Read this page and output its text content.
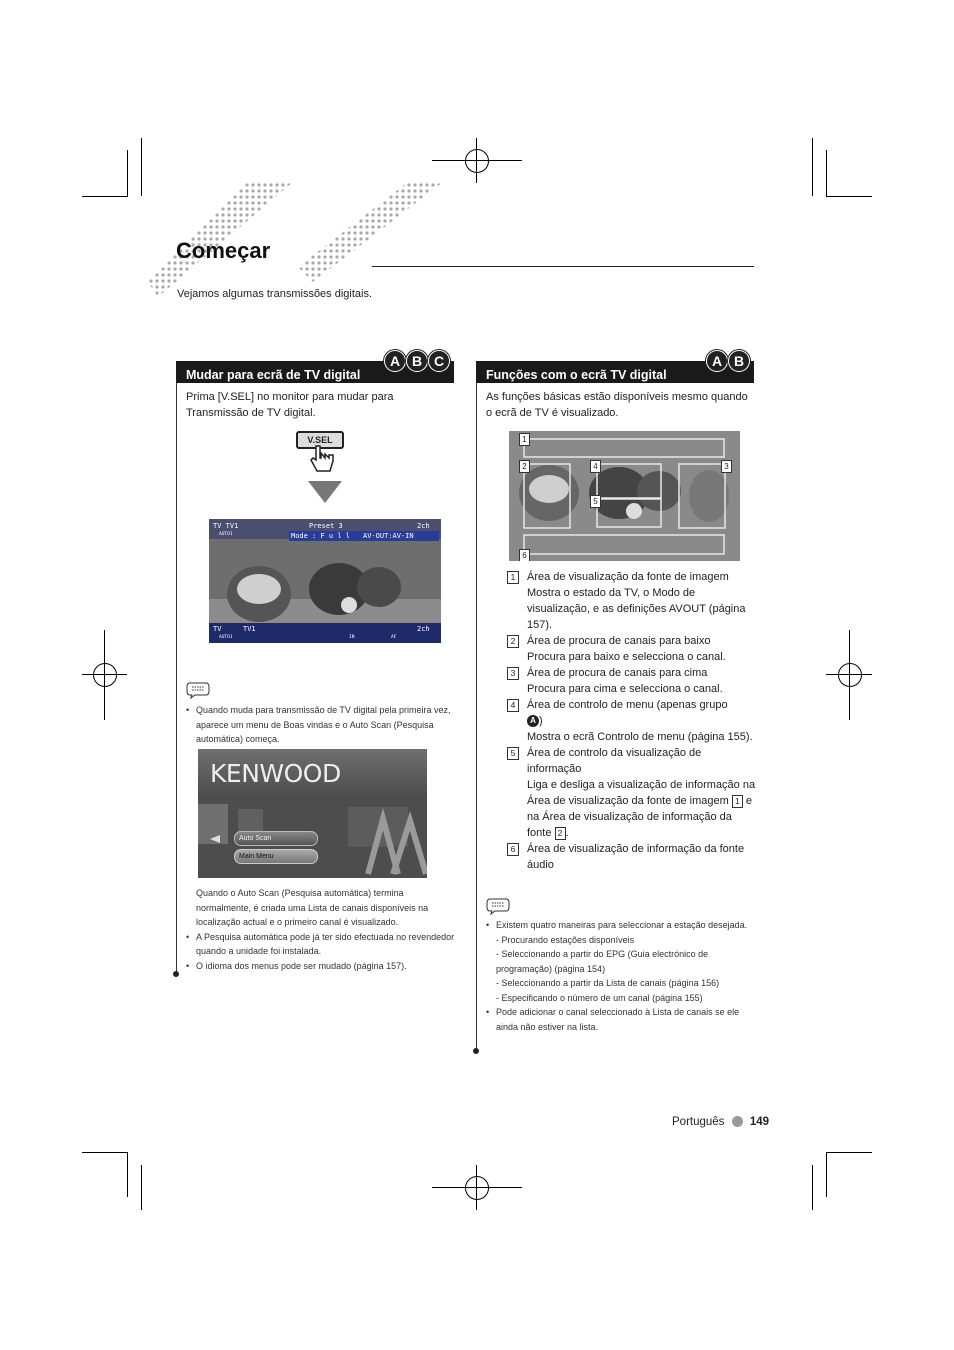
Começar
Vejamos algumas transmissões digitais.
Mudar para ecrã de TV digital
A B C
Prima [V.SEL] no monitor para mudar para Transmissão de TV digital.
V.SEL
TV TV1	Preset 3	2ch
AUTO1	Mode : F u l l AV-OUT:AV-IN
TV	TV1	2ch
AUTO1	IN	AF
• Quando muda para transmissão de TV digital pela primeira vez, aparece um menu de Boas vindas e o Auto Scan (Pesquisa automática) começa.
KENWOOD
Auto Scan
Main Menu
Quando o Auto Scan (Pesquisa automática) termina normalmente, é criada uma Lista de canais disponíveis na localização actual e o primeiro canal é visualizado.
• A Pesquisa automática pode já ter sido efectuada no revendedor quando a unidade foi instalada.
• O idioma dos menus pode ser mudado (página 157).
Funções com o ecrã TV digital
A B
As funções básicas estão disponíveis mesmo quando o ecrã de TV é visualizado.
1
2	3
4
5
6
1	Área de visualização da fonte de imagem
Mostra o estado da TV, o Modo de visualização, e as definições AVOUT (página 157).
2	Área de procura de canais para baixo
Procura para baixo e selecciona o canal.
3	Área de procura de canais para cima
Procura para cima e selecciona o canal.
4	Área de controlo de menu (apenas grupo
A )
Mostra o ecrã Controlo de menu (página 155).
5	Área de controlo da visualização de informação
Liga e desliga a visualização de informação na Área de visualização da fonte de imagem 1 e na Área de visualização de informação da fonte 2 .
6	Área de visualização de informação da fonte áudio
• Existem quatro maneiras para seleccionar a estação desejada.
- Procurando estações disponíveis
- Seleccionando a partir do EPG (Guia electrónico de programação) (página 154)
- Seleccionando a partir da Lista de canais (página 156)
- Especificando o número de um canal (página 155)
• Pode adicionar o canal seleccionado à Lista de canais se ele ainda não estiver na lista.
Português 149
